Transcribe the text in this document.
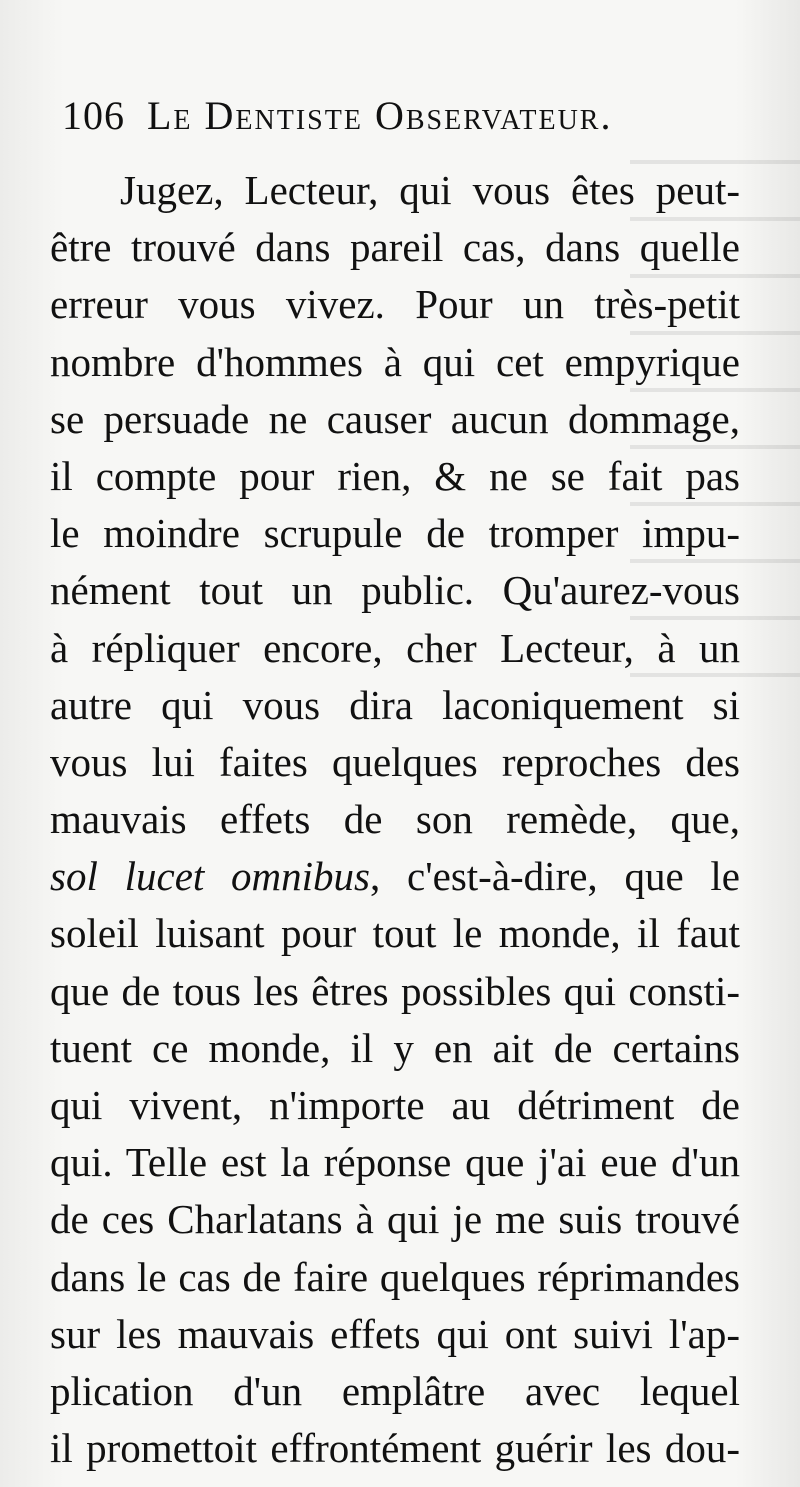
106 Le Dentiste Observateur.
Jugez, Lecteur, qui vous êtes peut-
être trouvé dans pareil cas, dans quelle
erreur vous vivez. Pour un très-petit
nombre d'hommes à qui cet empyrique
se persuade ne causer aucun dommage,
il compte pour rien, & ne se fait pas
le moindre scrupule de tromper impu-
nément tout un public. Qu'aurez-vous
à répliquer encore, cher Lecteur, à un
autre qui vous dira laconiquement si
vous lui faites quelques reproches des
mauvais effets de son remède, que,
sol lucet omnibus, c'est-à-dire, que le
soleil luisant pour tout le monde, il faut
que de tous les êtres possibles qui consti-
tuent ce monde, il y en ait de certains
qui vivent, n'importe au détriment de
qui. Telle est la réponse que j'ai eue d'un
de ces Charlatans à qui je me suis trouvé
dans le cas de faire quelques réprimandes
sur les mauvais effets qui ont suivi l'ap-
plication d'un emplâtre avec lequel
il promettoit effrontément guérir les dou-
